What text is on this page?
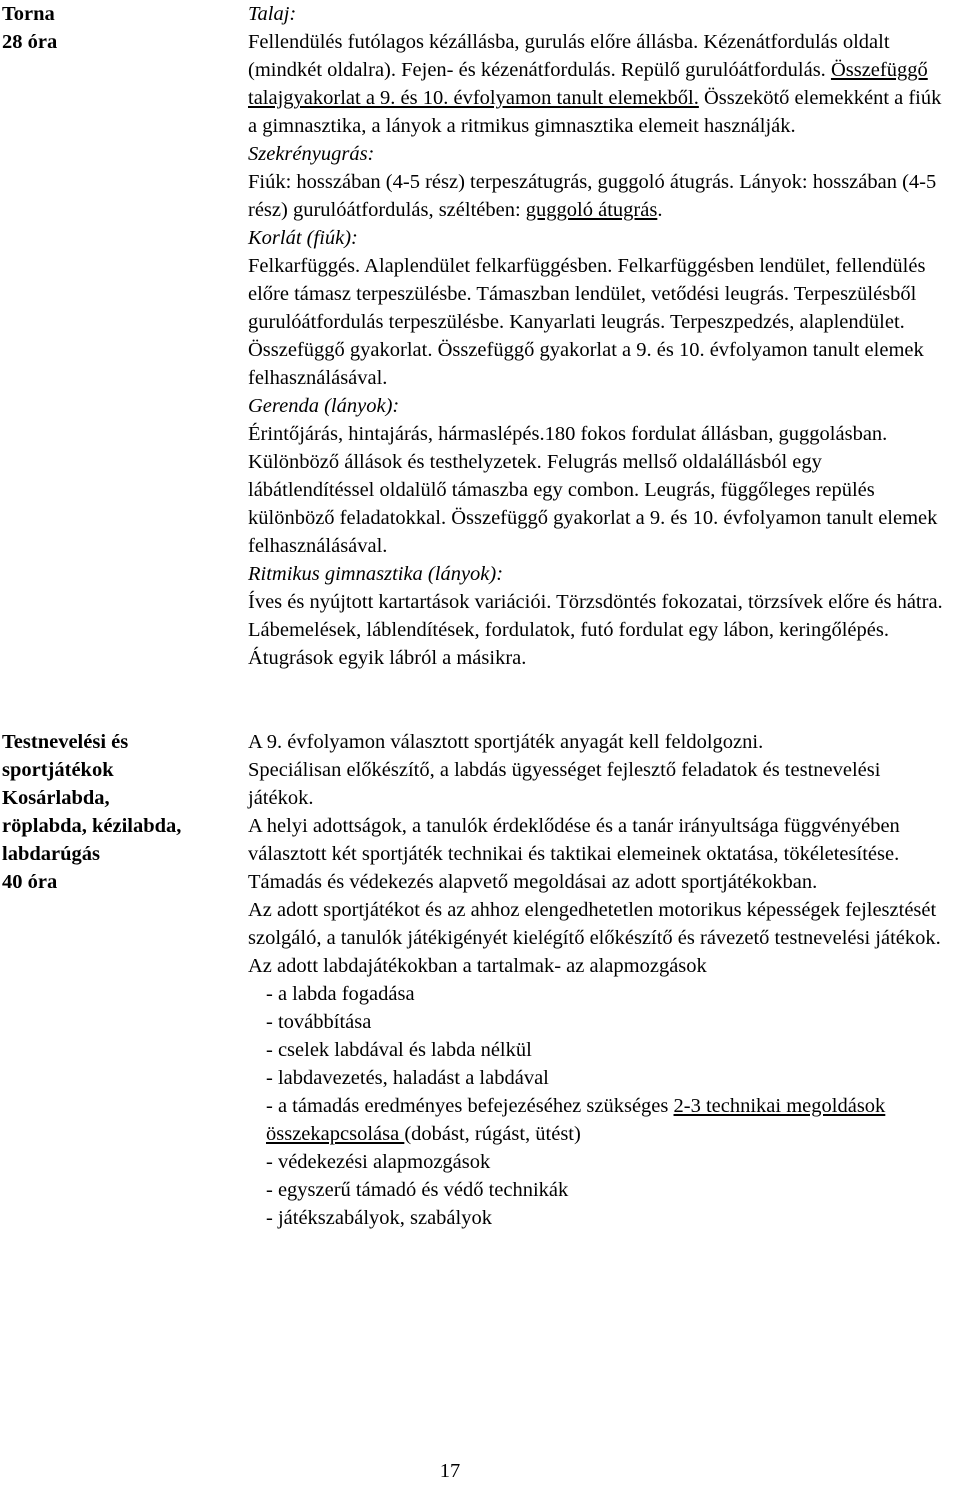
Torna
28 óra
Talaj:

Fellendülés futólagos kézállásba, gurulás előre állásba. Kézenátfordulás oldalt (mindkét oldalra). Fejen- és kézenátfordulás. Repülő gurulóátfordulás. Összefüggő talajgyakorlat a 9. és 10. évfolyamon tanult elemekből. Összekötő elemekként a fiúk a gimnasztika, a lányok a ritmikus gimnasztika elemeit használják.

Szekrényugrás:

Fiúk: hosszában (4-5 rész) terpeszátugrás, guggoló átugrás. Lányok: hosszában (4-5 rész) gurulóátfordulás, széltében: guggoló átugrás.

Korlát (fiúk):

Felkarfüggés. Alaplendület felkarfüggésben. Felkarfüggésben lendület, fellendülés előre támasz terpeszülésbe. Támaszban lendület, vetődési leugrás. Terpeszülésből gurulóátfordulás terpeszülésbe. Kanyarlati leugrás. Terpeszpedzés, alaplendület. Összefüggő gyakorlat. Összefüggő gyakorlat a 9. és 10. évfolyamon tanult elemek felhasználásával.

Gerenda (lányok):

Érintőjárás, hintajárás, hármaslépés.180 fokos fordulat állásban, guggolásban. Különböző állások és testhelyzetek. Felugrás mellső oldalállásból egy lábátlendítéssel oldalülő támaszba egy combon. Leugrás, függőleges repülés különböző feladatokkal. Összefüggő gyakorlat a 9. és 10. évfolyamon tanult elemek felhasználásával.

Ritmikus gimnasztika (lányok):

Íves és nyújtott kartartások variációi. Törzsdöntés fokozatai, törzsívek előre és hátra. Lábemelések, láblendítések, fordulatok, futó fordulat egy lábon, keringőlépés. Átugrások egyik lábról a másikra.

Testnevelési és
sportjátékok
Kosárlabda,
röplabda, kézilabda,
labdarúgás
40 óra

A 9. évfolyamon választott sportjáték anyagát kell feldolgozni.

Speciálisan előkészítő, a labdás ügyességet fejlesztő feladatok és testnevelési játékok.

A helyi adottságok, a tanulók érdeklődése és a tanár irányultsága függvényében választott két sportjáték technikai és taktikai elemeinek oktatása, tökéletesítése.

Támadás és védekezés alapvető megoldásai az adott sportjátékokban.

Az adott sportjátékot és az ahhoz elengedhetetlen motorikus képességek fejlesztését szolgáló, a tanulók játékigényét kielégítő előkészítő és rávezető testnevelési játékok.

Az adott labdajátékokban a tartalmak- az alapmozgások

- a labda fogadása
- továbbítása
- cselek labdával és labda nélkül
- labdavezetés, haladást a labdával
- a támadás eredményes befejezéséhez szükséges 2-3 technikai megoldások összekapcsolása (dobást, rúgást, ütést)
- védekezési alapmozgások
- egyszerű támadó és védő technikák
- játékszabályok, szabályok
17
